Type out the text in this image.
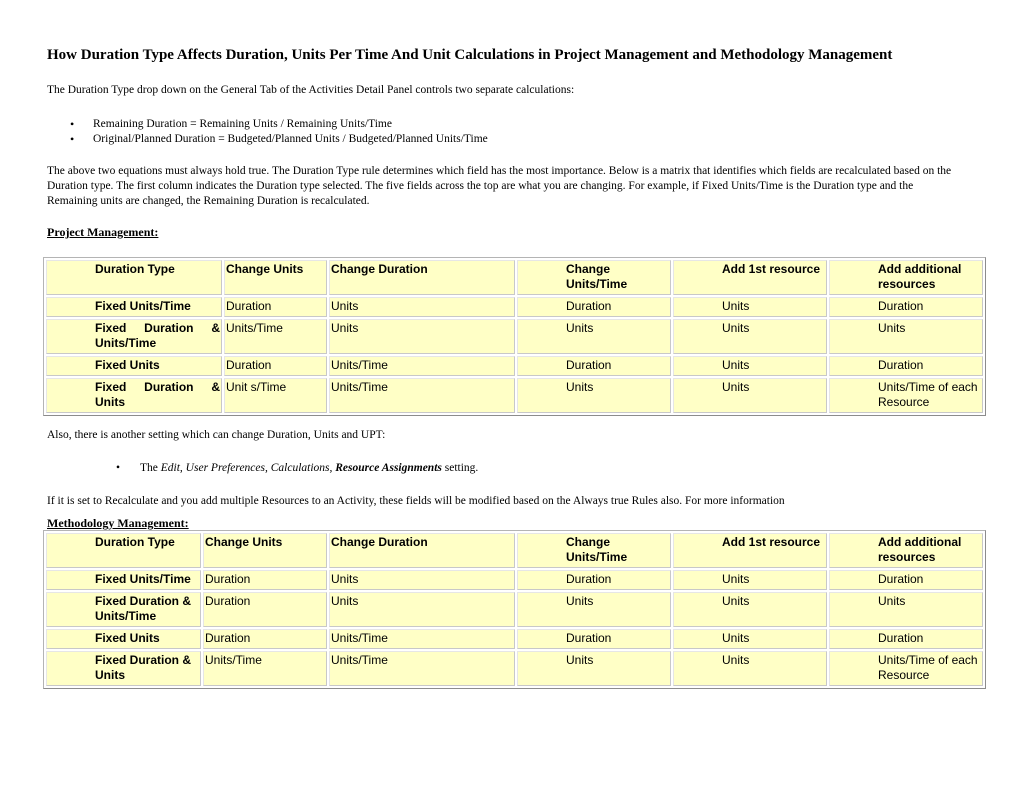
How Duration Type Affects Duration, Units Per Time And Unit Calculations in Project Management and Methodology Management
The Duration Type drop down on the General Tab of the Activities Detail Panel controls two separate calculations:
• Remaining Duration = Remaining Units / Remaining Units/Time
• Original/Planned Duration = Budgeted/Planned Units / Budgeted/Planned Units/Time
The above two equations must always hold true. The Duration Type rule determines which field has the most importance. Below is a matrix that identifies which fields are recalculated based on the Duration type. The first column indicates the Duration type selected. The five fields across the top are what you are changing. For example, if Fixed Units/Time is the Duration type and the Remaining units are changed, the Remaining Duration is recalculated.
Project Management:
Duration Type	Change Units	Change Duration	Change Units/Time	Add 1st resource	Add additional resources
Fixed Units/Time	Duration	Units	Duration	Units	Duration
Fixed Duration & Units/Time	Units/Time	Units	Units	Units	Units
Fixed Units	Duration	Units/Time	Duration	Units	Duration
Fixed Duration & Units	Unit s/Time	Units/Time	Units	Units	Units/Time of each Resource
Also, there is another setting which can change Duration, Units and UPT:
• The Edit, User Preferences, Calculations, Resource Assignments setting.
If it is set to Recalculate and you add multiple Resources to an Activity, these fields will be modified based on the Always true Rules also. For more information
Methodology Management:
Duration Type	Change Units	Change Duration	Change Units/Time	Add 1st resource	Add additional resources
Fixed Units/Time	Duration	Units	Duration	Units	Duration
Fixed Duration & Units/Time	Duration	Units	Units	Units	Units
Fixed Units	Duration	Units/Time	Duration	Units	Duration
Fixed Duration & Units	Units/Time	Units/Time	Units	Units	Units/Time of each Resource
